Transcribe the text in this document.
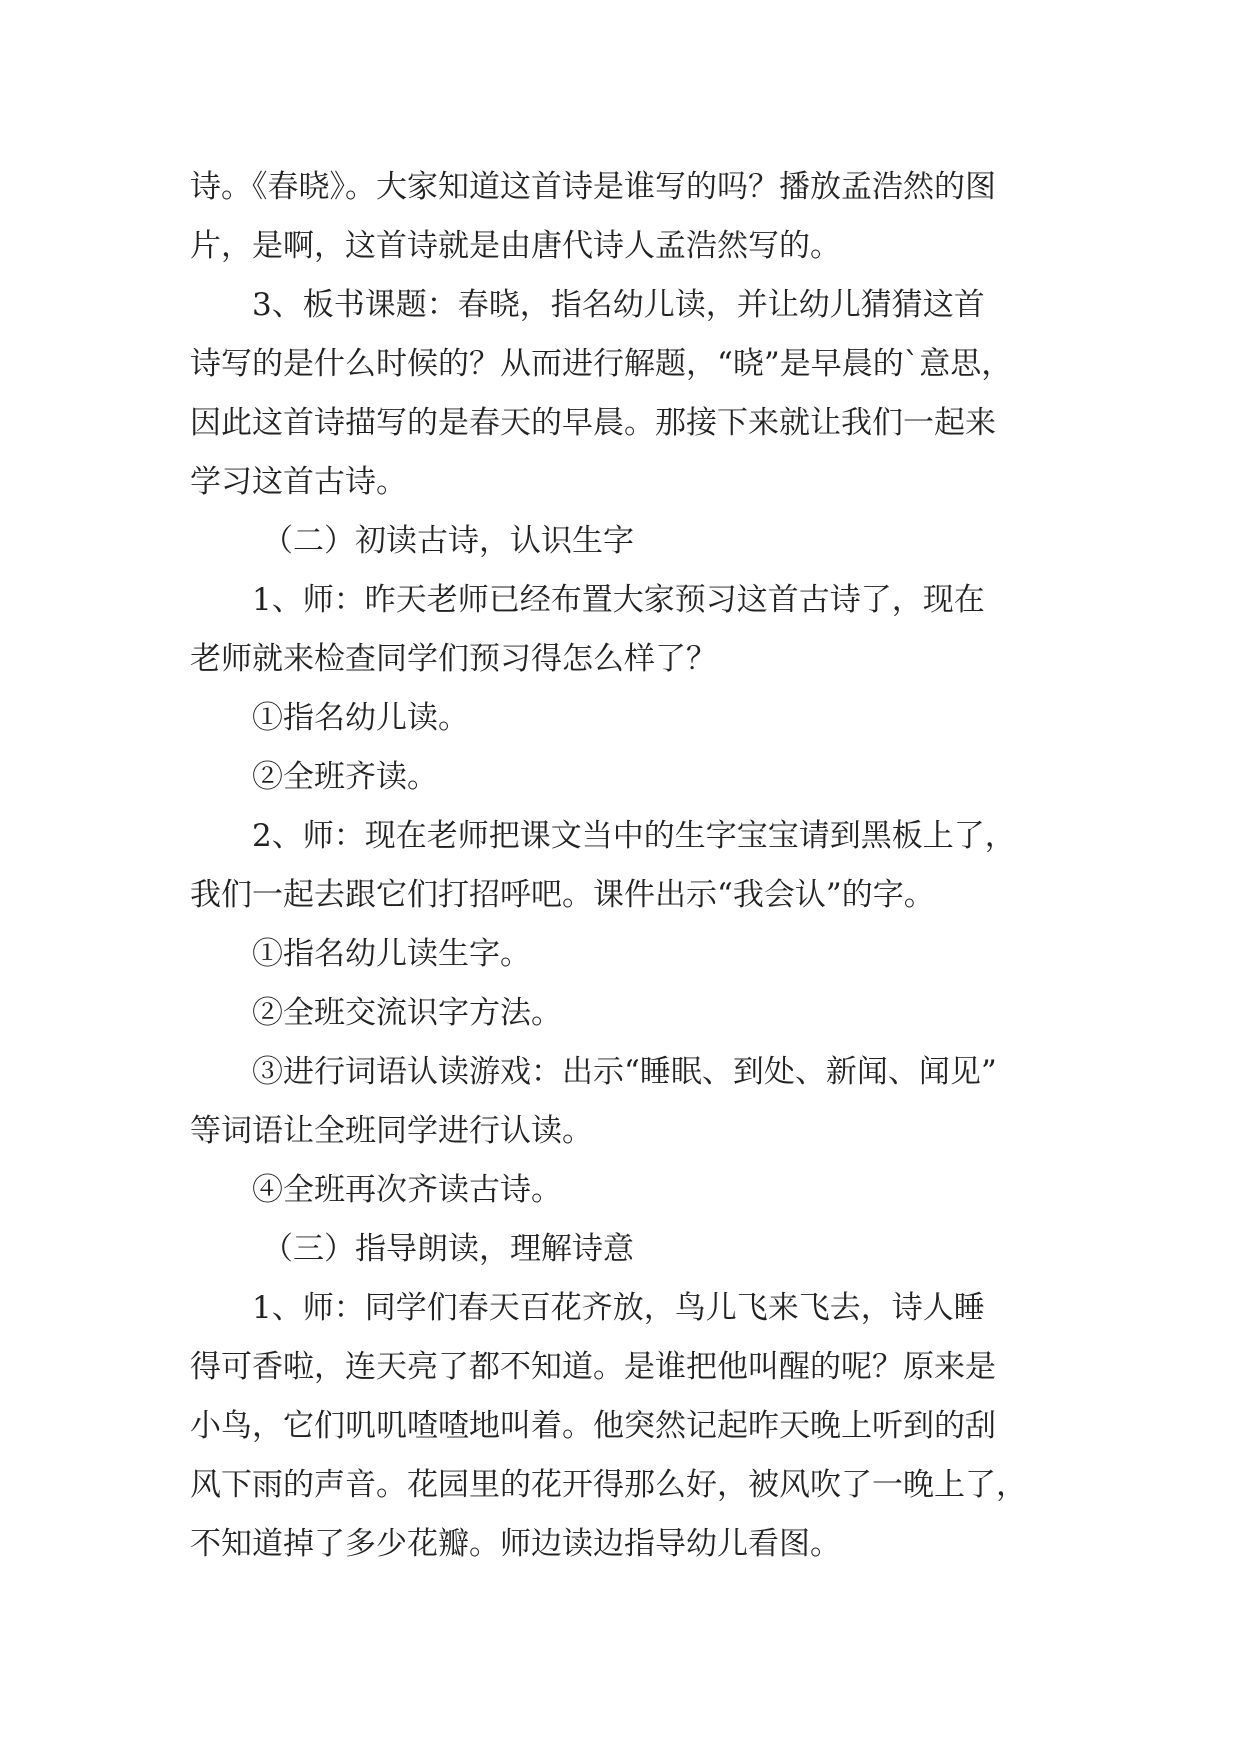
诗。《春晓》。大家知道这首诗是谁写的吗？播放孟浩然的图
片，是啊，这首诗就是由唐代诗人孟浩然写的。
3、板书课题：春晓，指名幼儿读，并让幼儿猜猜这首
诗写的是什么时候的？从而进行解题，“晓”是早晨的`意思，
因此这首诗描写的是春天的早晨。那接下来就让我们一起来
学习这首古诗。
（二）初读古诗，认识生字
1、师：昨天老师已经布置大家预习这首古诗了，现在
老师就来检查同学们预习得怎么样了？
①指名幼儿读。
②全班齐读。
2、师：现在老师把课文当中的生字宝宝请到黑板上了，
我们一起去跟它们打招呼吧。课件出示“我会认”的字。
①指名幼儿读生字。
②全班交流识字方法。
③进行词语认读游戏：出示“睡眠、到处、新闻、闻见”
等词语让全班同学进行认读。
④全班再次齐读古诗。
（三）指导朗读，理解诗意
1、师：同学们春天百花齐放，鸟儿飞来飞去，诗人睡
得可香啦，连天亮了都不知道。是谁把他叫醒的呢？原来是
小鸟，它们叽叽喳喳地叫着。他突然记起昨天晚上听到的刮
风下雨的声音。花园里的花开得那么好，被风吹了一晚上了，
不知道掉了多少花瓣。师边读边指导幼儿看图。
